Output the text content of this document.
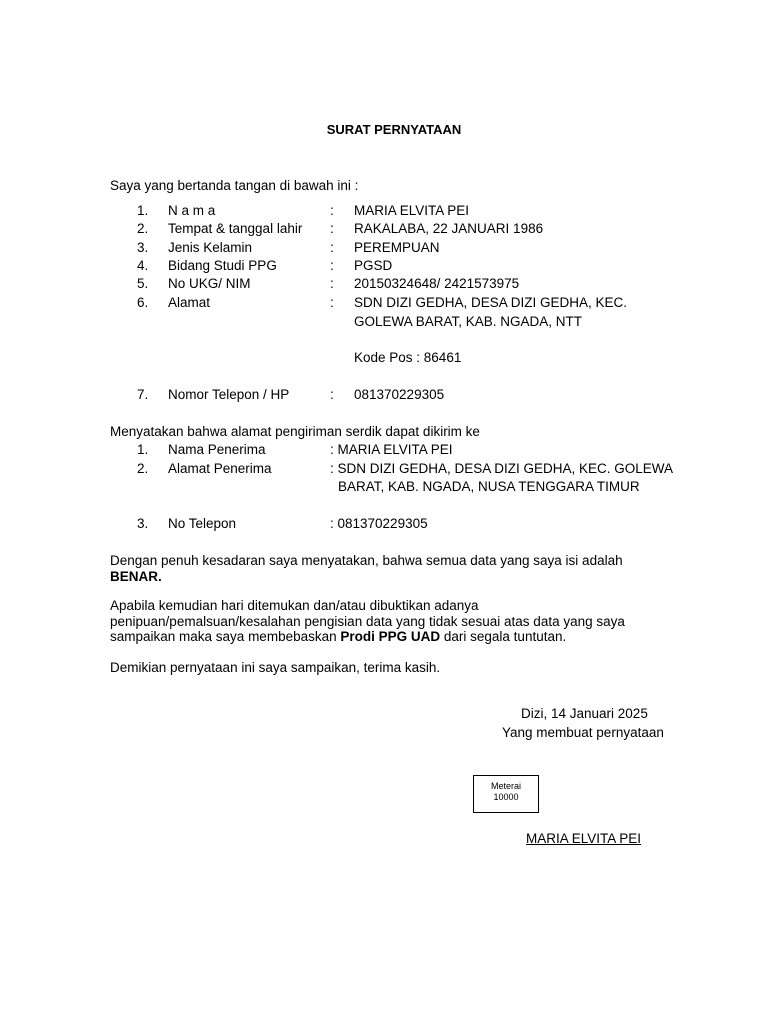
SURAT PERNYATAAN
Saya yang bertanda tangan di bawah ini :
1. N a m a	: MARIA ELVITA PEI
2. Tempat & tanggal lahir : RAKALABA, 22 JANUARI 1986
3. Jenis Kelamin	: PEREMPUAN
4. Bidang Studi PPG	: PGSD
5. No UKG/ NIM	: 20150324648/ 2421573975
6. Alamat	: SDN DIZI GEDHA, DESA DIZI GEDHA, KEC.
GOLEWA BARAT, KAB. NGADA, NTT
Kode Pos : 86461
7. Nomor Telepon / HP	: 081370229305
Menyatakan bahwa alamat pengiriman serdik dapat dikirim ke
1. Nama Penerima	: MARIA ELVITA PEI
2. Alamat Penerima	: SDN DIZI GEDHA, DESA DIZI GEDHA, KEC. GOLEWA
BARAT, KAB. NGADA, NUSA TENGGARA TIMUR
3. No Telepon	: 081370229305
Dengan penuh kesadaran saya menyatakan, bahwa semua data yang saya isi adalah
BENAR.
Apabila kemudian hari ditemukan dan/atau dibuktikan adanya
penipuan/pemalsuan/kesalahan pengisian data yang tidak sesuai atas data yang saya
sampaikan maka saya membebaskan Prodi PPG UAD dari segala tuntutan.
Demikian pernyataan ini saya sampaikan, terima kasih.
Dizi, 14 Januari 2025
Yang membuat pernyataan
Meterai
10000
MARIA ELVITA PEI
